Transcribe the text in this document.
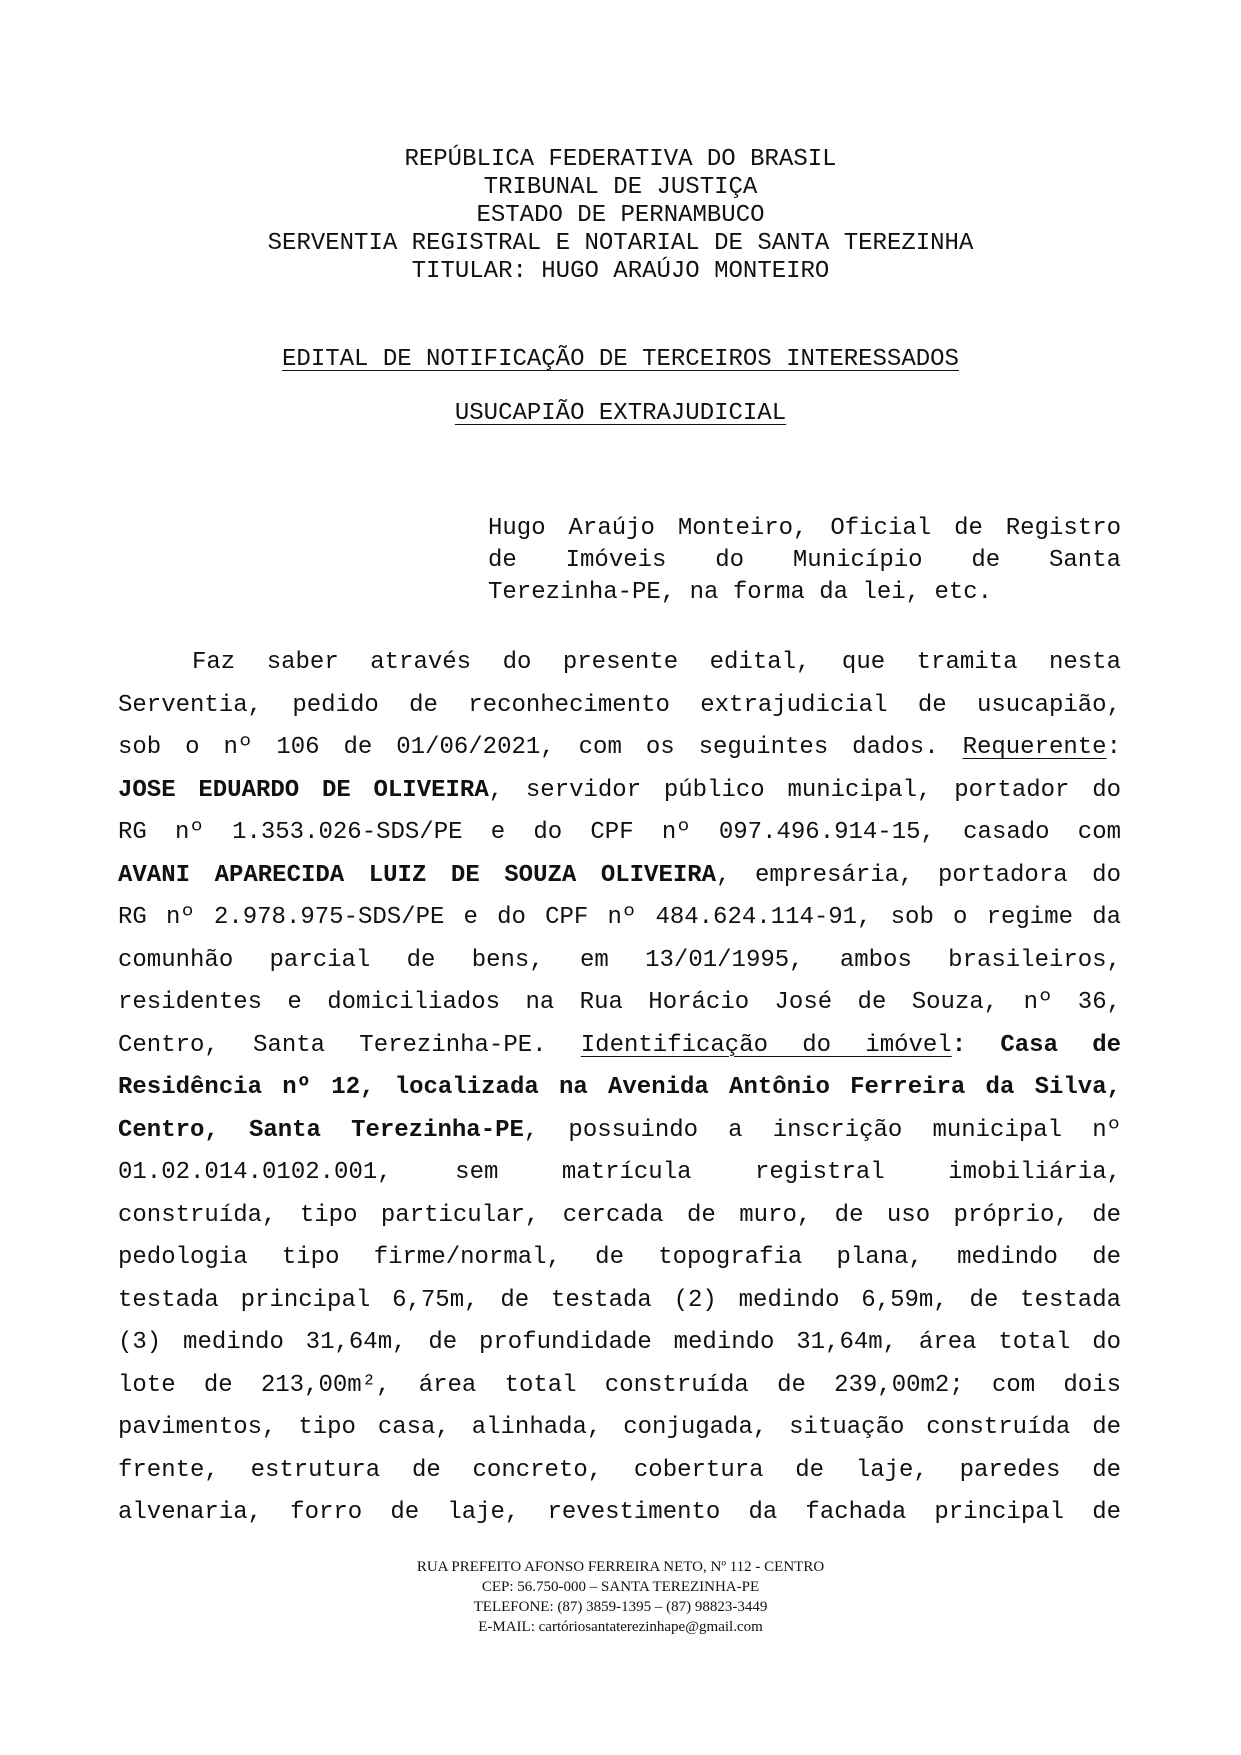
REPÚBLICA FEDERATIVA DO BRASIL
TRIBUNAL DE JUSTIÇA
ESTADO DE PERNAMBUCO
SERVENTIA REGISTRAL E NOTARIAL DE SANTA TEREZINHA
TITULAR: HUGO ARAÚJO MONTEIRO
EDITAL DE NOTIFICAÇÃO DE TERCEIROS INTERESSADOS
USUCAPIÃO EXTRAJUDICIAL
Hugo Araújo Monteiro, Oficial de Registro
de Imóveis do Município de Santa
Terezinha-PE, na forma da lei, etc.
Faz saber através do presente edital, que tramita nesta
Serventia, pedido de reconhecimento extrajudicial de usucapião,
sob o nº 106 de 01/06/2021, com os seguintes dados. Requerente:
JOSE EDUARDO DE OLIVEIRA, servidor público municipal, portador do
RG nº 1.353.026-SDS/PE e do CPF nº 097.496.914-15, casado com
AVANI APARECIDA LUIZ DE SOUZA OLIVEIRA, empresária, portadora do
RG nº 2.978.975-SDS/PE e do CPF nº 484.624.114-91, sob o regime da
comunhão parcial de bens, em 13/01/1995, ambos brasileiros,
residentes e domiciliados na Rua Horácio José de Souza, nº 36,
Centro, Santa Terezinha-PE. Identificação do imóvel: Casa de
Residência nº 12, localizada na Avenida Antônio Ferreira da Silva,
Centro, Santa Terezinha-PE, possuindo a inscrição municipal nº
01.02.014.0102.001, sem matrícula registral imobiliária,
construída, tipo particular, cercada de muro, de uso próprio, de
pedologia tipo firme/normal, de topografia plana, medindo de
testada principal 6,75m, de testada (2) medindo 6,59m, de testada
(3) medindo 31,64m, de profundidade medindo 31,64m, área total do
lote de 213,00m², área total construída de 239,00m2; com dois
pavimentos, tipo casa, alinhada, conjugada, situação construída de
frente, estrutura de concreto, cobertura de laje, paredes de
alvenaria, forro de laje, revestimento da fachada principal de
RUA PREFEITO AFONSO FERREIRA NETO, Nº 112 - CENTRO
CEP: 56.750-000 – SANTA TEREZINHA-PE
TELEFONE: (87) 3859-1395 – (87) 98823-3449
E-MAIL: cartóriosantaterezinhape@gmail.com
